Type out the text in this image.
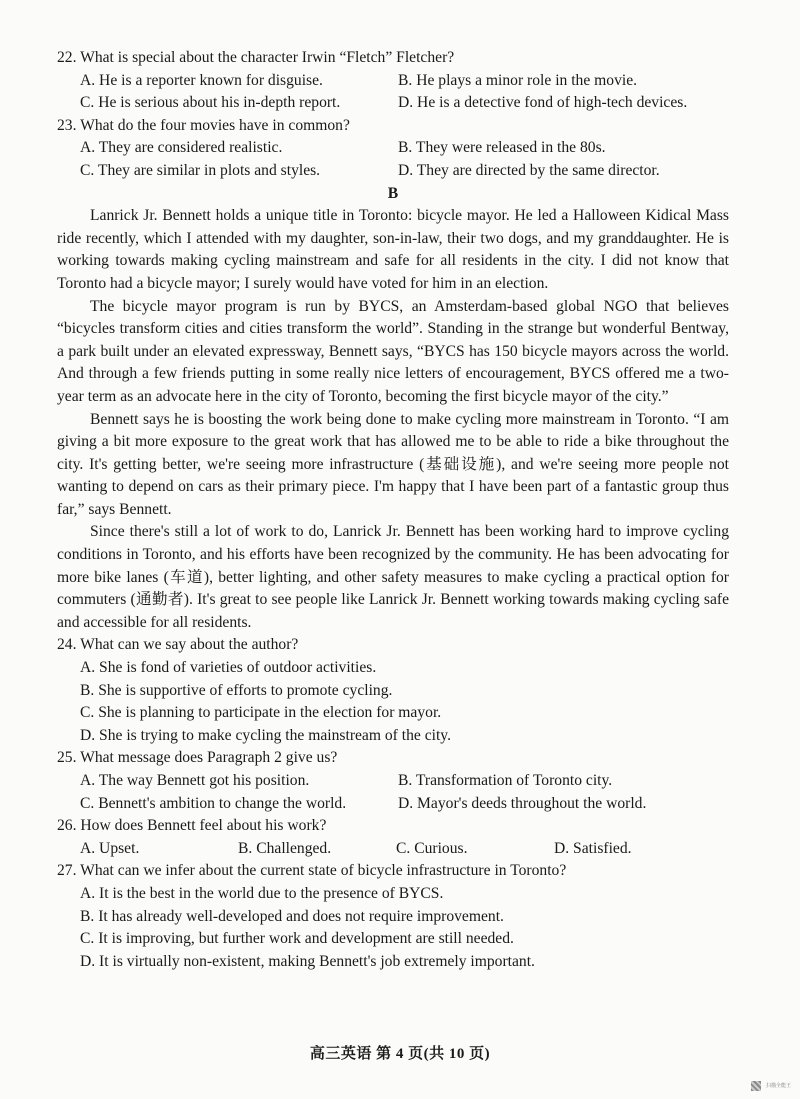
22. What is special about the character Irwin “Fletch” Fletcher?

A. He is a reporter known for disguise.	B. He plays a minor role in the movie.
C. He is serious about his in-depth report.	D. He is a detective fond of high-tech devices.

23. What do the four movies have in common?

A. They are considered realistic.	B. They were released in the 80s.
C. They are similar in plots and styles.	D. They are directed by the same director.

B

Lanrick Jr. Bennett holds a unique title in Toronto: bicycle mayor. He led a Halloween Kidical Mass ride recently, which I attended with my daughter, son-in-law, their two dogs, and my granddaughter. He is working towards making cycling mainstream and safe for all residents in the city. I did not know that Toronto had a bicycle mayor; I surely would have voted for him in an election.

The bicycle mayor program is run by BYCS, an Amsterdam-based global NGO that believes “bicycles transform cities and cities transform the world”. Standing in the strange but wonderful Bentway, a park built under an elevated expressway, Bennett says, “BYCS has 150 bicycle mayors across the world. And through a few friends putting in some really nice letters of encouragement, BYCS offered me a two-year term as an advocate here in the city of Toronto, becoming the first bicycle mayor of the city.”

Bennett says he is boosting the work being done to make cycling more mainstream in Toronto. “I am giving a bit more exposure to the great work that has allowed me to be able to ride a bike throughout the city. It's getting better, we're seeing more infrastructure (基础设施), and we're seeing more people not wanting to depend on cars as their primary piece. I'm happy that I have been part of a fantastic group thus far,” says Bennett.

Since there's still a lot of work to do, Lanrick Jr. Bennett has been working hard to improve cycling conditions in Toronto, and his efforts have been recognized by the community. He has been advocating for more bike lanes (车道), better lighting, and other safety measures to make cycling a practical option for commuters (通勤者). It's great to see people like Lanrick Jr. Bennett working towards making cycling safe and accessible for all residents.

24. What can we say about the author?

A. She is fond of varieties of outdoor activities.
B. She is supportive of efforts to promote cycling.
C. She is planning to participate in the election for mayor.
D. She is trying to make cycling the mainstream of the city.

25. What message does Paragraph 2 give us?

A. The way Bennett got his position.	B. Transformation of Toronto city.
C. Bennett's ambition to change the world.	D. Mayor's deeds throughout the world.

26. How does Bennett feel about his work?

A. Upset.	B. Challenged.	C. Curious.	D. Satisfied.

27. What can we infer about the current state of bicycle infrastructure in Toronto?

A. It is the best in the world due to the presence of BYCS.
B. It has already well-developed and does not require improvement.
C. It is improving, but further work and development are still needed.
D. It is virtually non-existent, making Bennett's job extremely important.
高三英语 第 4 页(共 10 页)
扫描全能王
